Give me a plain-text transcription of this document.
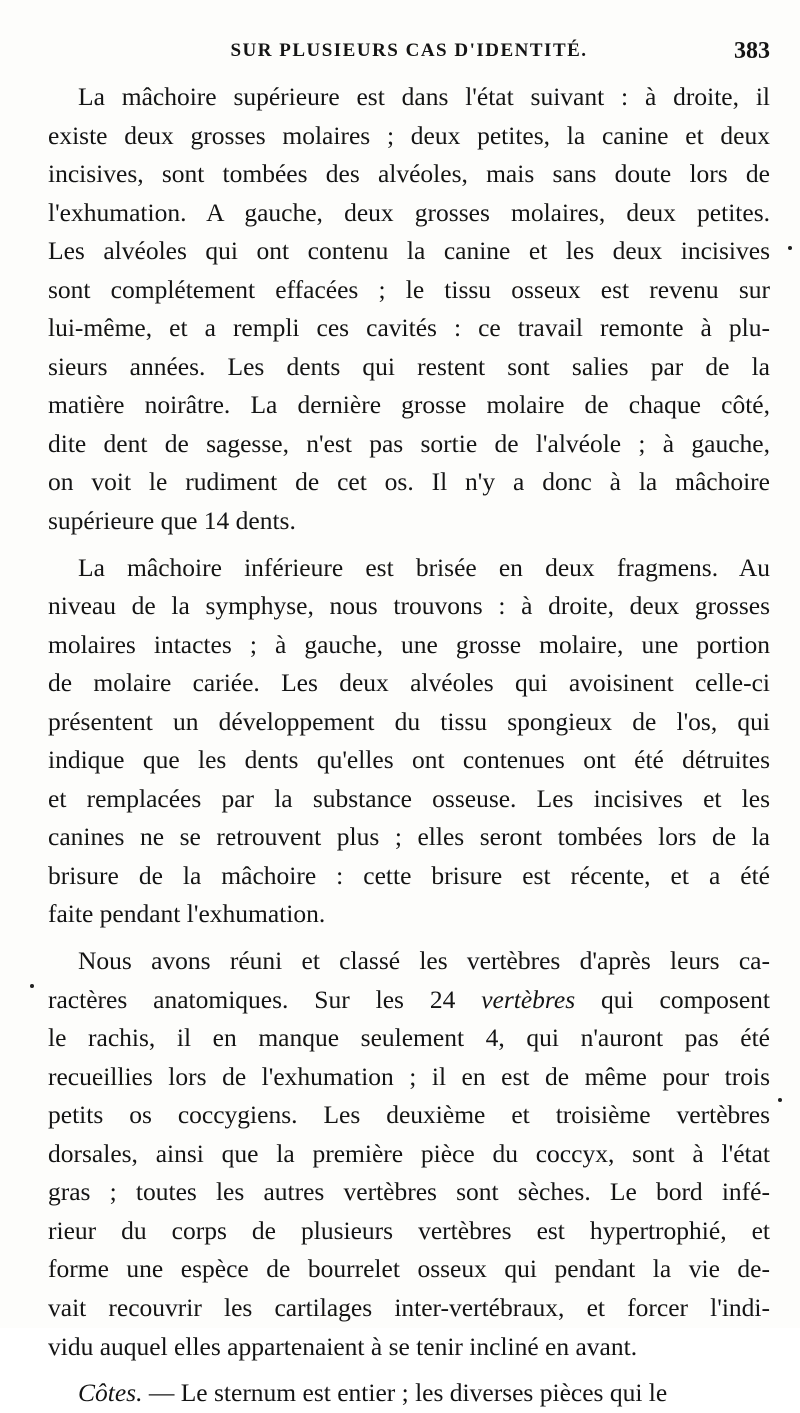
SUR PLUSIEURS CAS D'IDENTITÉ.	383
La mâchoire supérieure est dans l'état suivant : à droite, il
existe deux grosses molaires ; deux petites, la canine et deux
incisives, sont tombées des alvéoles, mais sans doute lors de
l'exhumation. A gauche, deux grosses molaires, deux petites.
Les alvéoles qui ont contenu la canine et les deux incisives
sont complétement effacées ; le tissu osseux est revenu sur
lui-même, et a rempli ces cavités : ce travail remonte à plu-
sieurs années. Les dents qui restent sont salies par de la
matière noirâtre. La dernière grosse molaire de chaque côté,
dite dent de sagesse, n'est pas sortie de l'alvéole ; à gauche,
on voit le rudiment de cet os. Il n'y a donc à la mâchoire
supérieure que 14 dents.
La mâchoire inférieure est brisée en deux fragmens. Au
niveau de la symphyse, nous trouvons : à droite, deux grosses
molaires intactes ; à gauche, une grosse molaire, une portion
de molaire cariée. Les deux alvéoles qui avoisinent celle-ci
présentent un développement du tissu spongieux de l'os, qui
indique que les dents qu'elles ont contenues ont été détruites
et remplacées par la substance osseuse. Les incisives et les
canines ne se retrouvent plus ; elles seront tombées lors de la
brisure de la mâchoire : cette brisure est récente, et a été
faite pendant l'exhumation.
Nous avons réuni et classé les vertèbres d'après leurs ca-
ractères anatomiques. Sur les 24 vertèbres qui composent
le rachis, il en manque seulement 4, qui n'auront pas été
recueillies lors de l'exhumation ; il en est de même pour trois
petits os coccygiens. Les deuxième et troisième vertèbres
dorsales, ainsi que la première pièce du coccyx, sont à l'état
gras ; toutes les autres vertèbres sont sèches. Le bord infé-
rieur du corps de plusieurs vertèbres est hypertrophié, et
forme une espèce de bourrelet osseux qui pendant la vie de-
vait recouvrir les cartilages inter-vertébraux, et forcer l'indi-
vidu auquel elles appartenaient à se tenir incliné en avant.
Côtes. — Le sternum est entier ; les diverses pièces qui le
